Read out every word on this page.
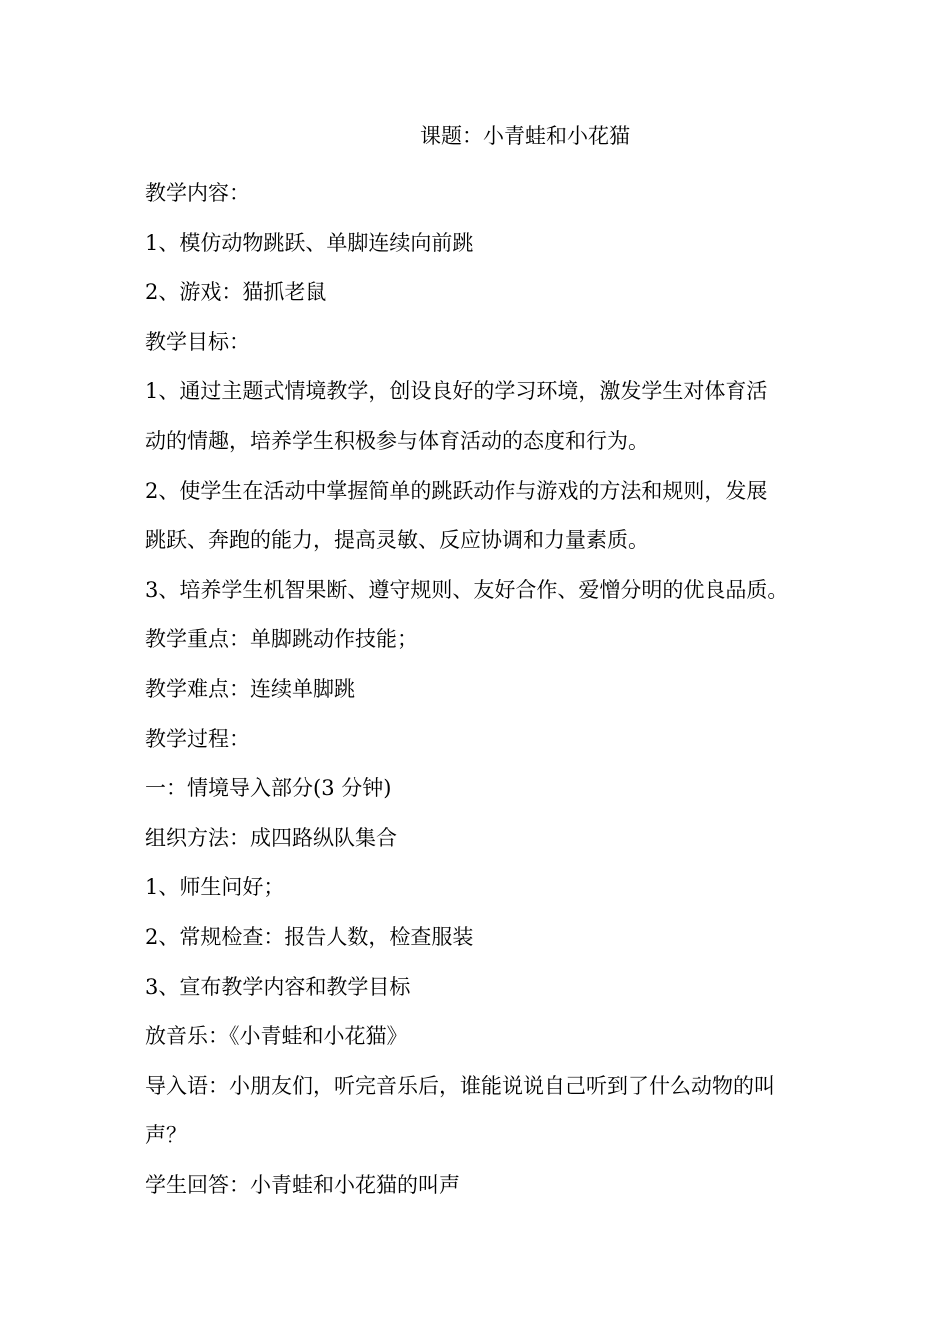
课题：小青蛙和小花猫
教学内容：
1、模仿动物跳跃、单脚连续向前跳
2、游戏：猫抓老鼠
教学目标：
1、通过主题式情境教学，创设良好的学习环境，激发学生对体育活
动的情趣，培养学生积极参与体育活动的态度和行为。
2、使学生在活动中掌握简单的跳跃动作与游戏的方法和规则，发展
跳跃、奔跑的能力，提高灵敏、反应协调和力量素质。
3、培养学生机智果断、遵守规则、友好合作、爱憎分明的优良品质。
教学重点：单脚跳动作技能；
教学难点：连续单脚跳
教学过程：
一：情境导入部分(3 分钟)
组织方法：成四路纵队集合
1、师生问好；
2、常规检查：报告人数，检查服装
3、宣布教学内容和教学目标
放音乐：《小青蛙和小花猫》
导入语：小朋友们，听完音乐后，谁能说说自己听到了什么动物的叫
声？
学生回答：小青蛙和小花猫的叫声
